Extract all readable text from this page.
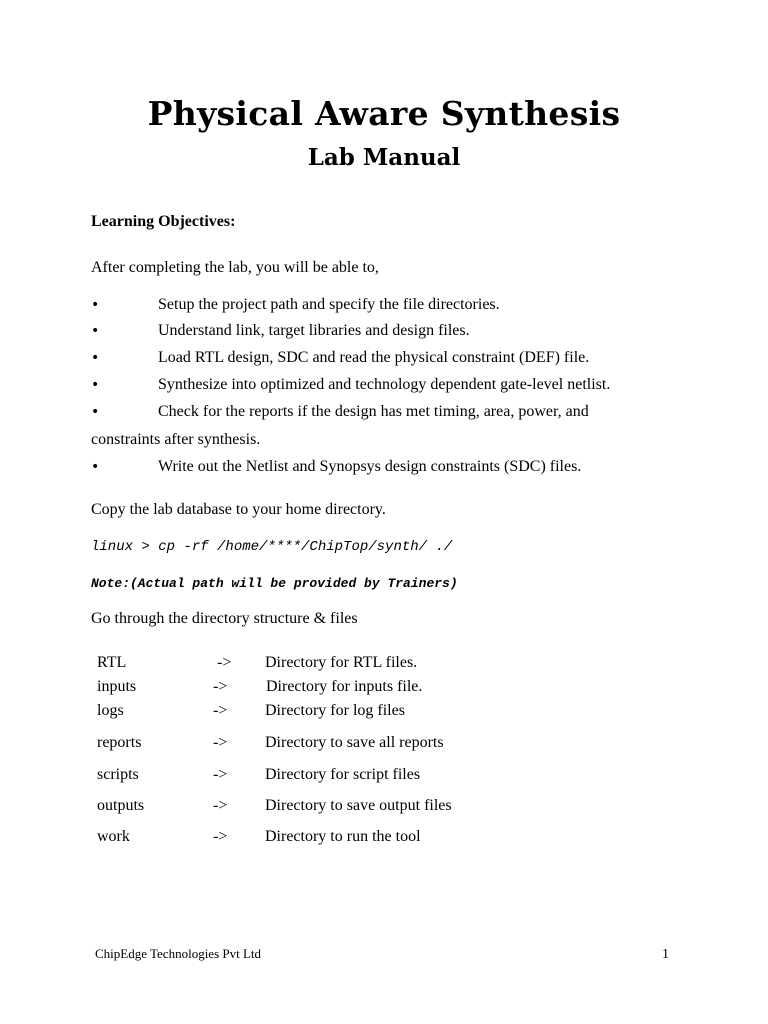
Physical Aware Synthesis
Lab Manual
Learning Objectives:
After completing the lab, you will be able to,
•	Setup the project path and specify the file directories.
•	Understand link, target libraries and design files.
•	Load RTL design, SDC and read the physical constraint (DEF) file.
•	Synthesize into optimized and technology dependent gate-level netlist.
•	Check for the reports if the design has met timing, area, power, and
constraints after synthesis.
•	Write out the Netlist and Synopsys design constraints (SDC) files.
Copy the lab database to your home directory.
linux > cp -rf /home/****/ChipTop/synth/ ./
Note:(Actual path will be provided by Trainers)
Go through the directory structure & files
RTL	-> Directory for RTL files.
inputs	-> Directory for inputs file.
logs	-> Directory for log files
reports	-> Directory to save all reports
scripts	-> Directory for script files
outputs	-> Directory to save output files
work	-> Directory to run the tool
ChipEdge Technologies Pvt Ltd	1
